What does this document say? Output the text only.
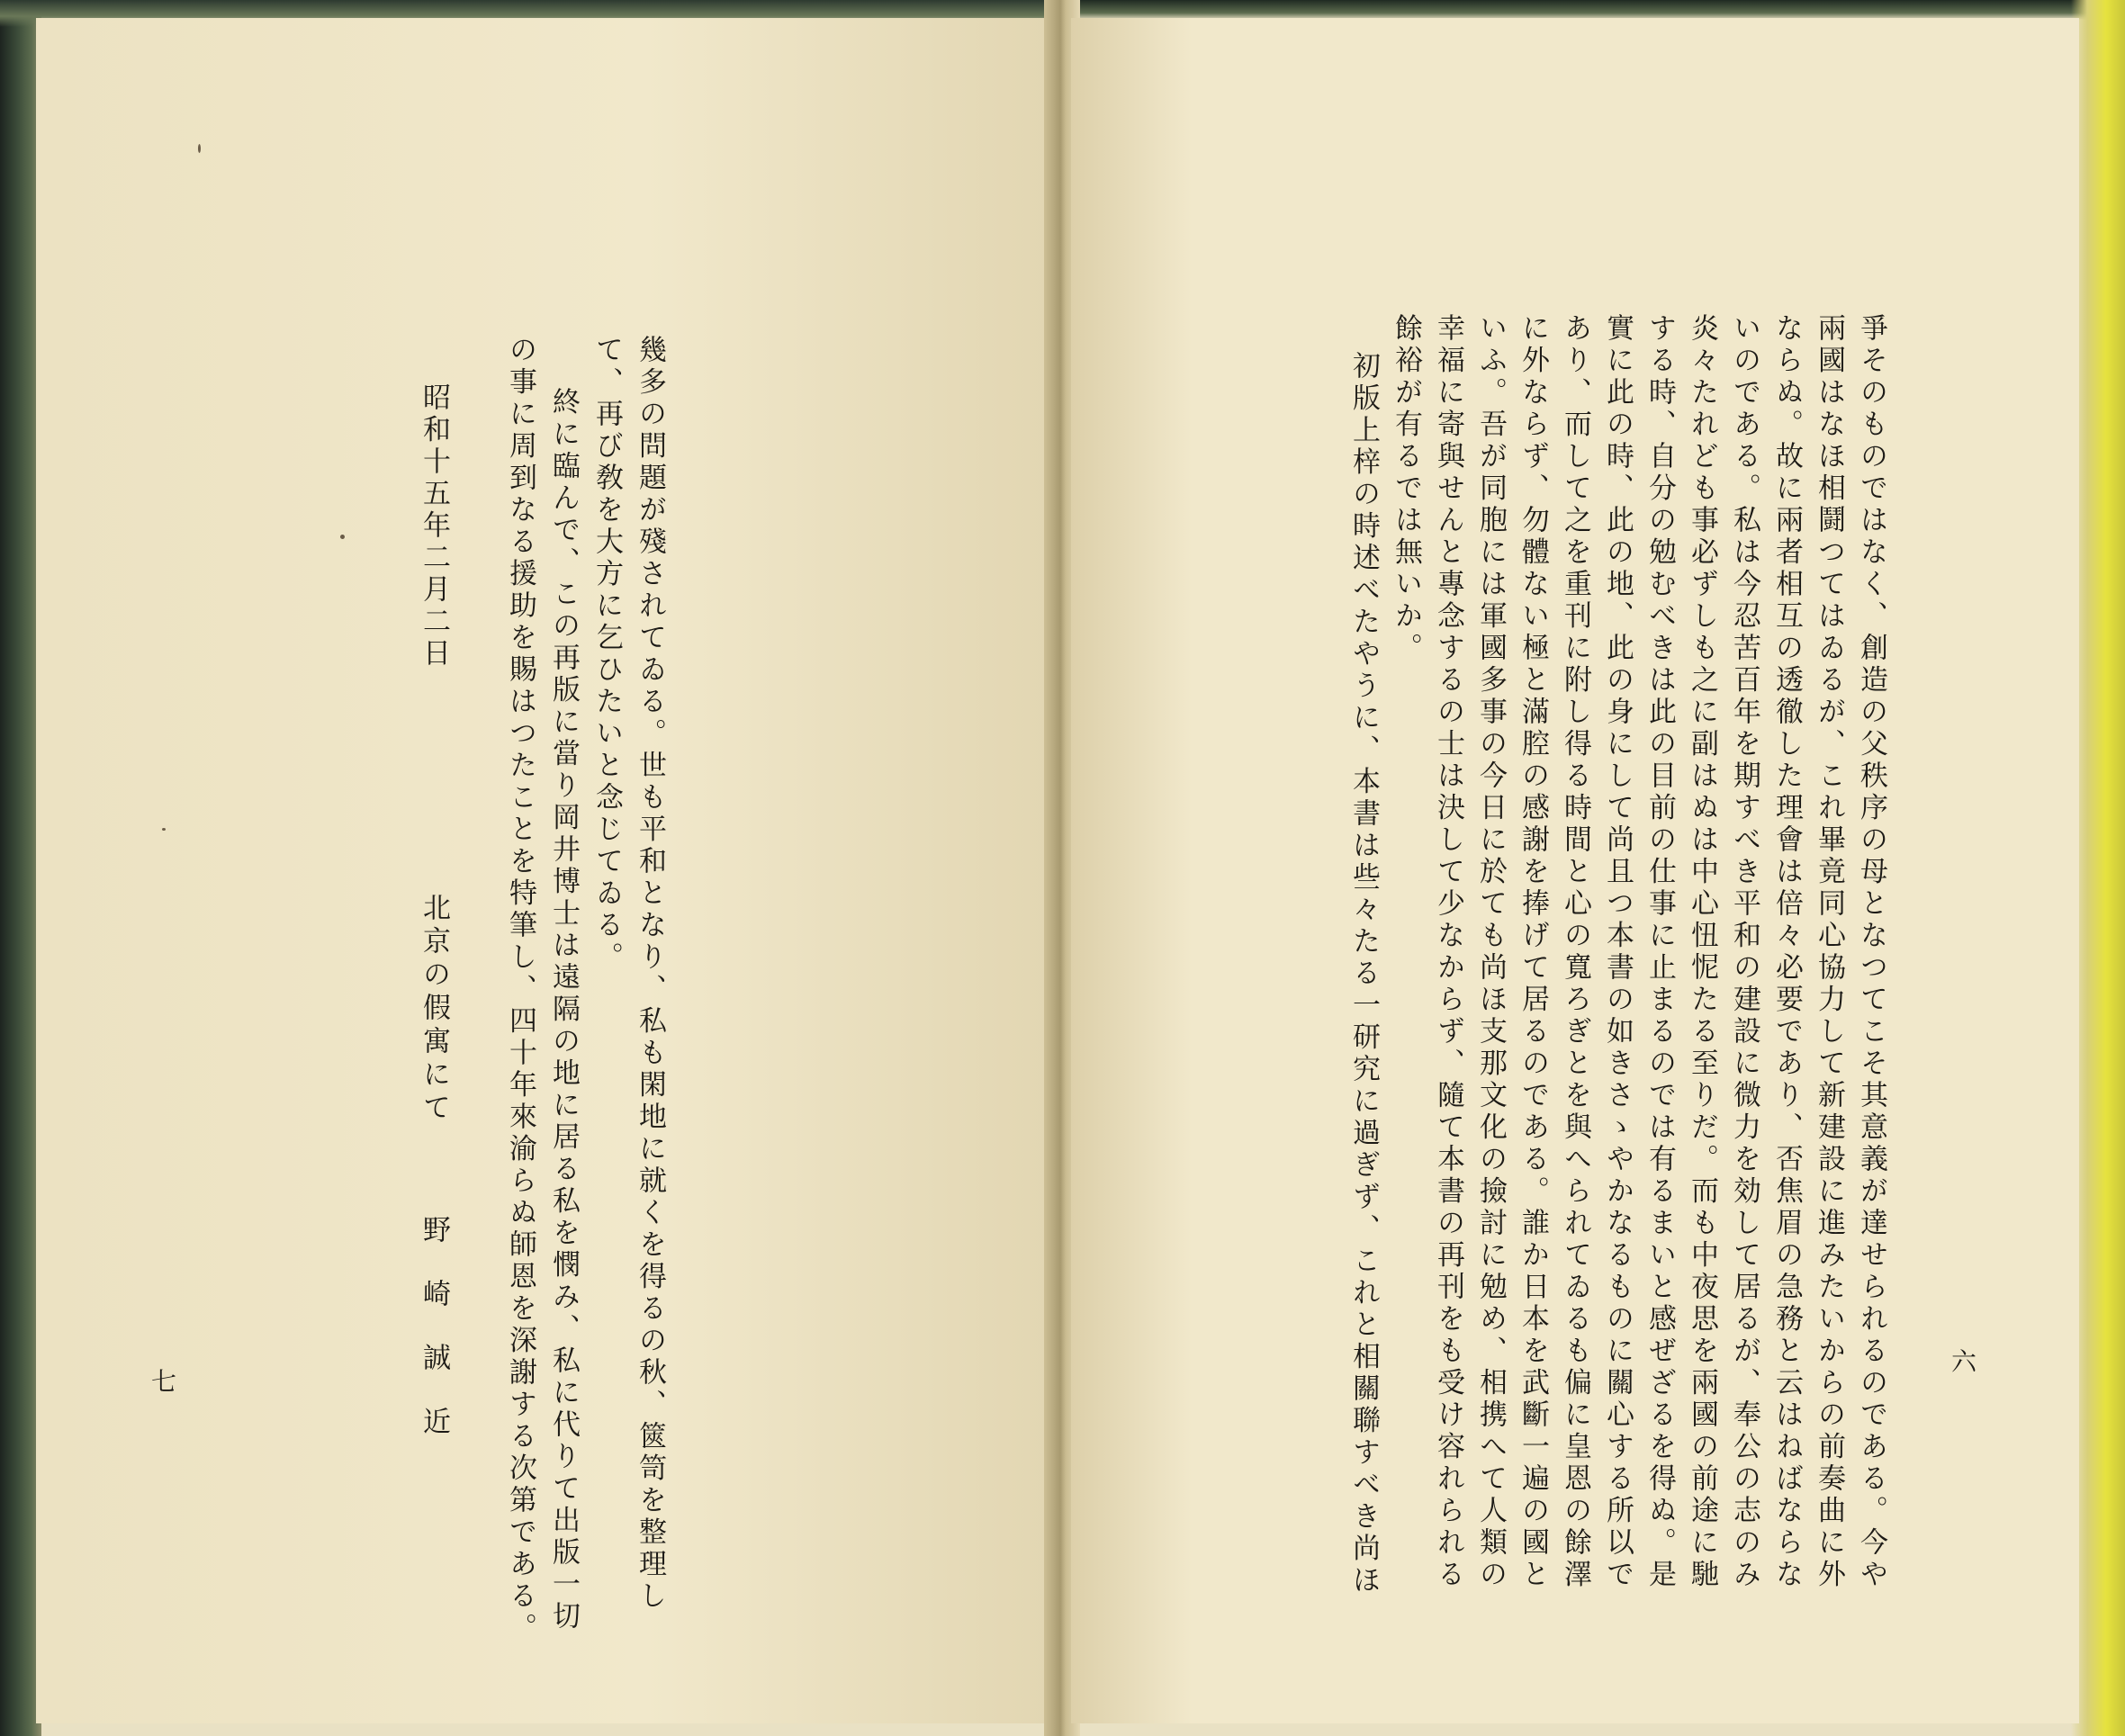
幾多の問題が殘されてゐる。世も平和となり、私も閑地に就くを得るの秋、篋笥を整理し
て、再び敎を大方に乞ひたいと念じてゐる。
終に臨んで、この再版に當り岡井博士は遠隔の地に居る私を憫み、私に代りて出版一切
の事に周到なる援助を賜はつたことを特筆し、四十年來渝らぬ師恩を深謝する次第である。
昭和十五年二月二日
北京の假寓にて
野　崎　誠　近
七	爭そのものではなく、創造の父秩序の母となつてこそ其意義が達せられるのである。今や
兩國はなほ相鬪つてはゐるが、これ畢竟同心協力して新建設に進みたいからの前奏曲に外
ならぬ。故に兩者相互の透徹した理會は倍々必要であり、否焦眉の急務と云はねばならな
いのである。私は今忍苦百年を期すべき平和の建設に微力を効して居るが、奉公の志のみ
炎々たれども事必ずしも之に副はぬは中心忸怩たる至りだ。而も中夜思を兩國の前途に馳
する時、自分の勉むべきは此の目前の仕事に止まるのでは有るまいと感ぜざるを得ぬ。是
實に此の時、此の地、此の身にして尚且つ本書の如きさゝやかなるものに關心する所以で
あり、而して之を重刊に附し得る時間と心の寬ろぎとを與へられてゐるも偏に皇恩の餘澤
に外ならず、勿體ない極と滿腔の感謝を捧げて居るのである。誰か日本を武斷一遍の國と
いふ。吾が同胞には軍國多事の今日に於ても尚ほ支那文化の撿討に勉め、相携へて人類の
幸福に寄與せんと專念するの士は決して少なからず、隨て本書の再刊をも受け容れられる
餘裕が有るでは無いか。
初版上梓の時述べたやうに、本書は些々たる一研究に過ぎず、これと相關聯すべき尚ほ	六
